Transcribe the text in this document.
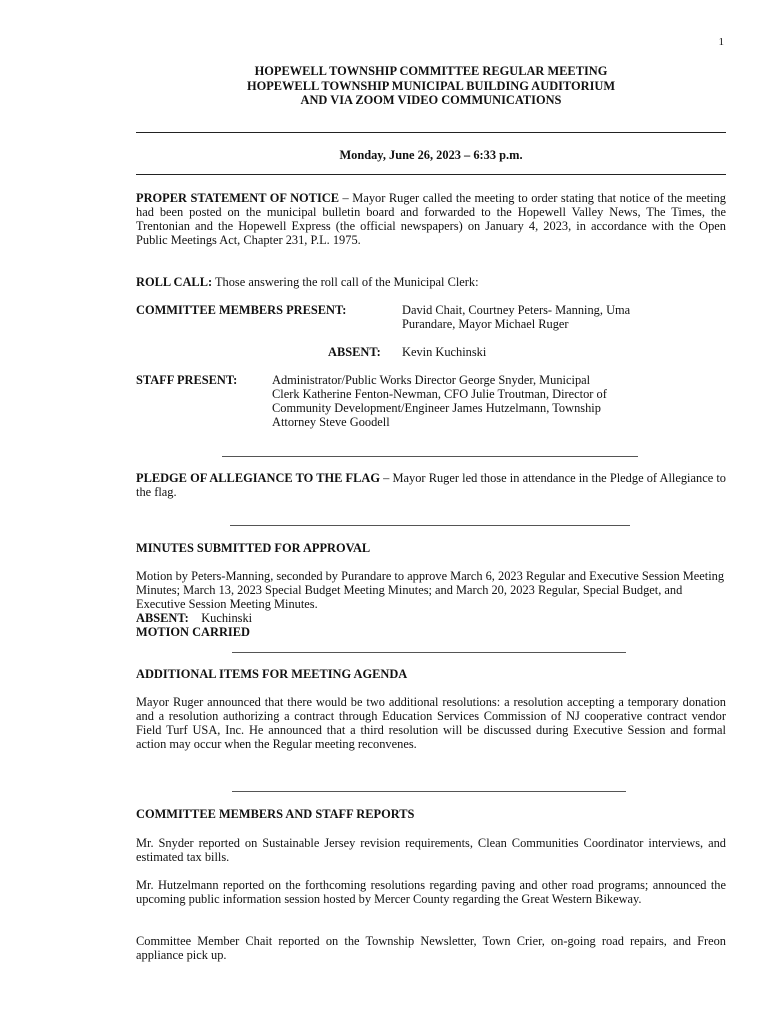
1
HOPEWELL TOWNSHIP COMMITTEE REGULAR MEETING
HOPEWELL TOWNSHIP MUNICIPAL BUILDING AUDITORIUM
AND VIA ZOOM VIDEO COMMUNICATIONS
Monday, June 26, 2023 – 6:33 p.m.
PROPER STATEMENT OF NOTICE – Mayor Ruger called the meeting to order stating that notice of the meeting had been posted on the municipal bulletin board and forwarded to the Hopewell Valley News, The Times, the Trentonian and the Hopewell Express (the official newspapers) on January 4, 2023, in accordance with the Open Public Meetings Act, Chapter 231, P.L. 1975.
ROLL CALL: Those answering the roll call of the Municipal Clerk:
COMMITTEE MEMBERS PRESENT:	David Chait, Courtney Peters- Manning, Uma
Purandare, Mayor Michael Ruger
ABSENT: Kevin Kuchinski
STAFF PRESENT:	Administrator/Public Works Director George Snyder, Municipal
Clerk Katherine Fenton-Newman, CFO Julie Troutman, Director of
Community Development/Engineer James Hutzelmann, Township
Attorney Steve Goodell
PLEDGE OF ALLEGIANCE TO THE FLAG – Mayor Ruger led those in attendance in the Pledge of Allegiance to the flag.
MINUTES SUBMITTED FOR APPROVAL
Motion by Peters-Manning, seconded by Purandare to approve March 6, 2023 Regular and Executive Session Meeting Minutes; March 13, 2023 Special Budget Meeting Minutes; and March 20, 2023 Regular, Special Budget, and Executive Session Meeting Minutes.
ABSENT: Kuchinski
MOTION CARRIED
ADDITIONAL ITEMS FOR MEETING AGENDA
Mayor Ruger announced that there would be two additional resolutions: a resolution accepting a temporary donation and a resolution authorizing a contract through Education Services Commission of NJ cooperative contract vendor Field Turf USA, Inc. He announced that a third resolution will be discussed during Executive Session and formal action may occur when the Regular meeting reconvenes.
COMMITTEE MEMBERS AND STAFF REPORTS
Mr. Snyder reported on Sustainable Jersey revision requirements, Clean Communities Coordinator interviews, and estimated tax bills.
Mr. Hutzelmann reported on the forthcoming resolutions regarding paving and other road programs; announced the upcoming public information session hosted by Mercer County regarding the Great Western Bikeway.
Committee Member Chait reported on the Township Newsletter, Town Crier, on-going road repairs, and Freon appliance pick up.
